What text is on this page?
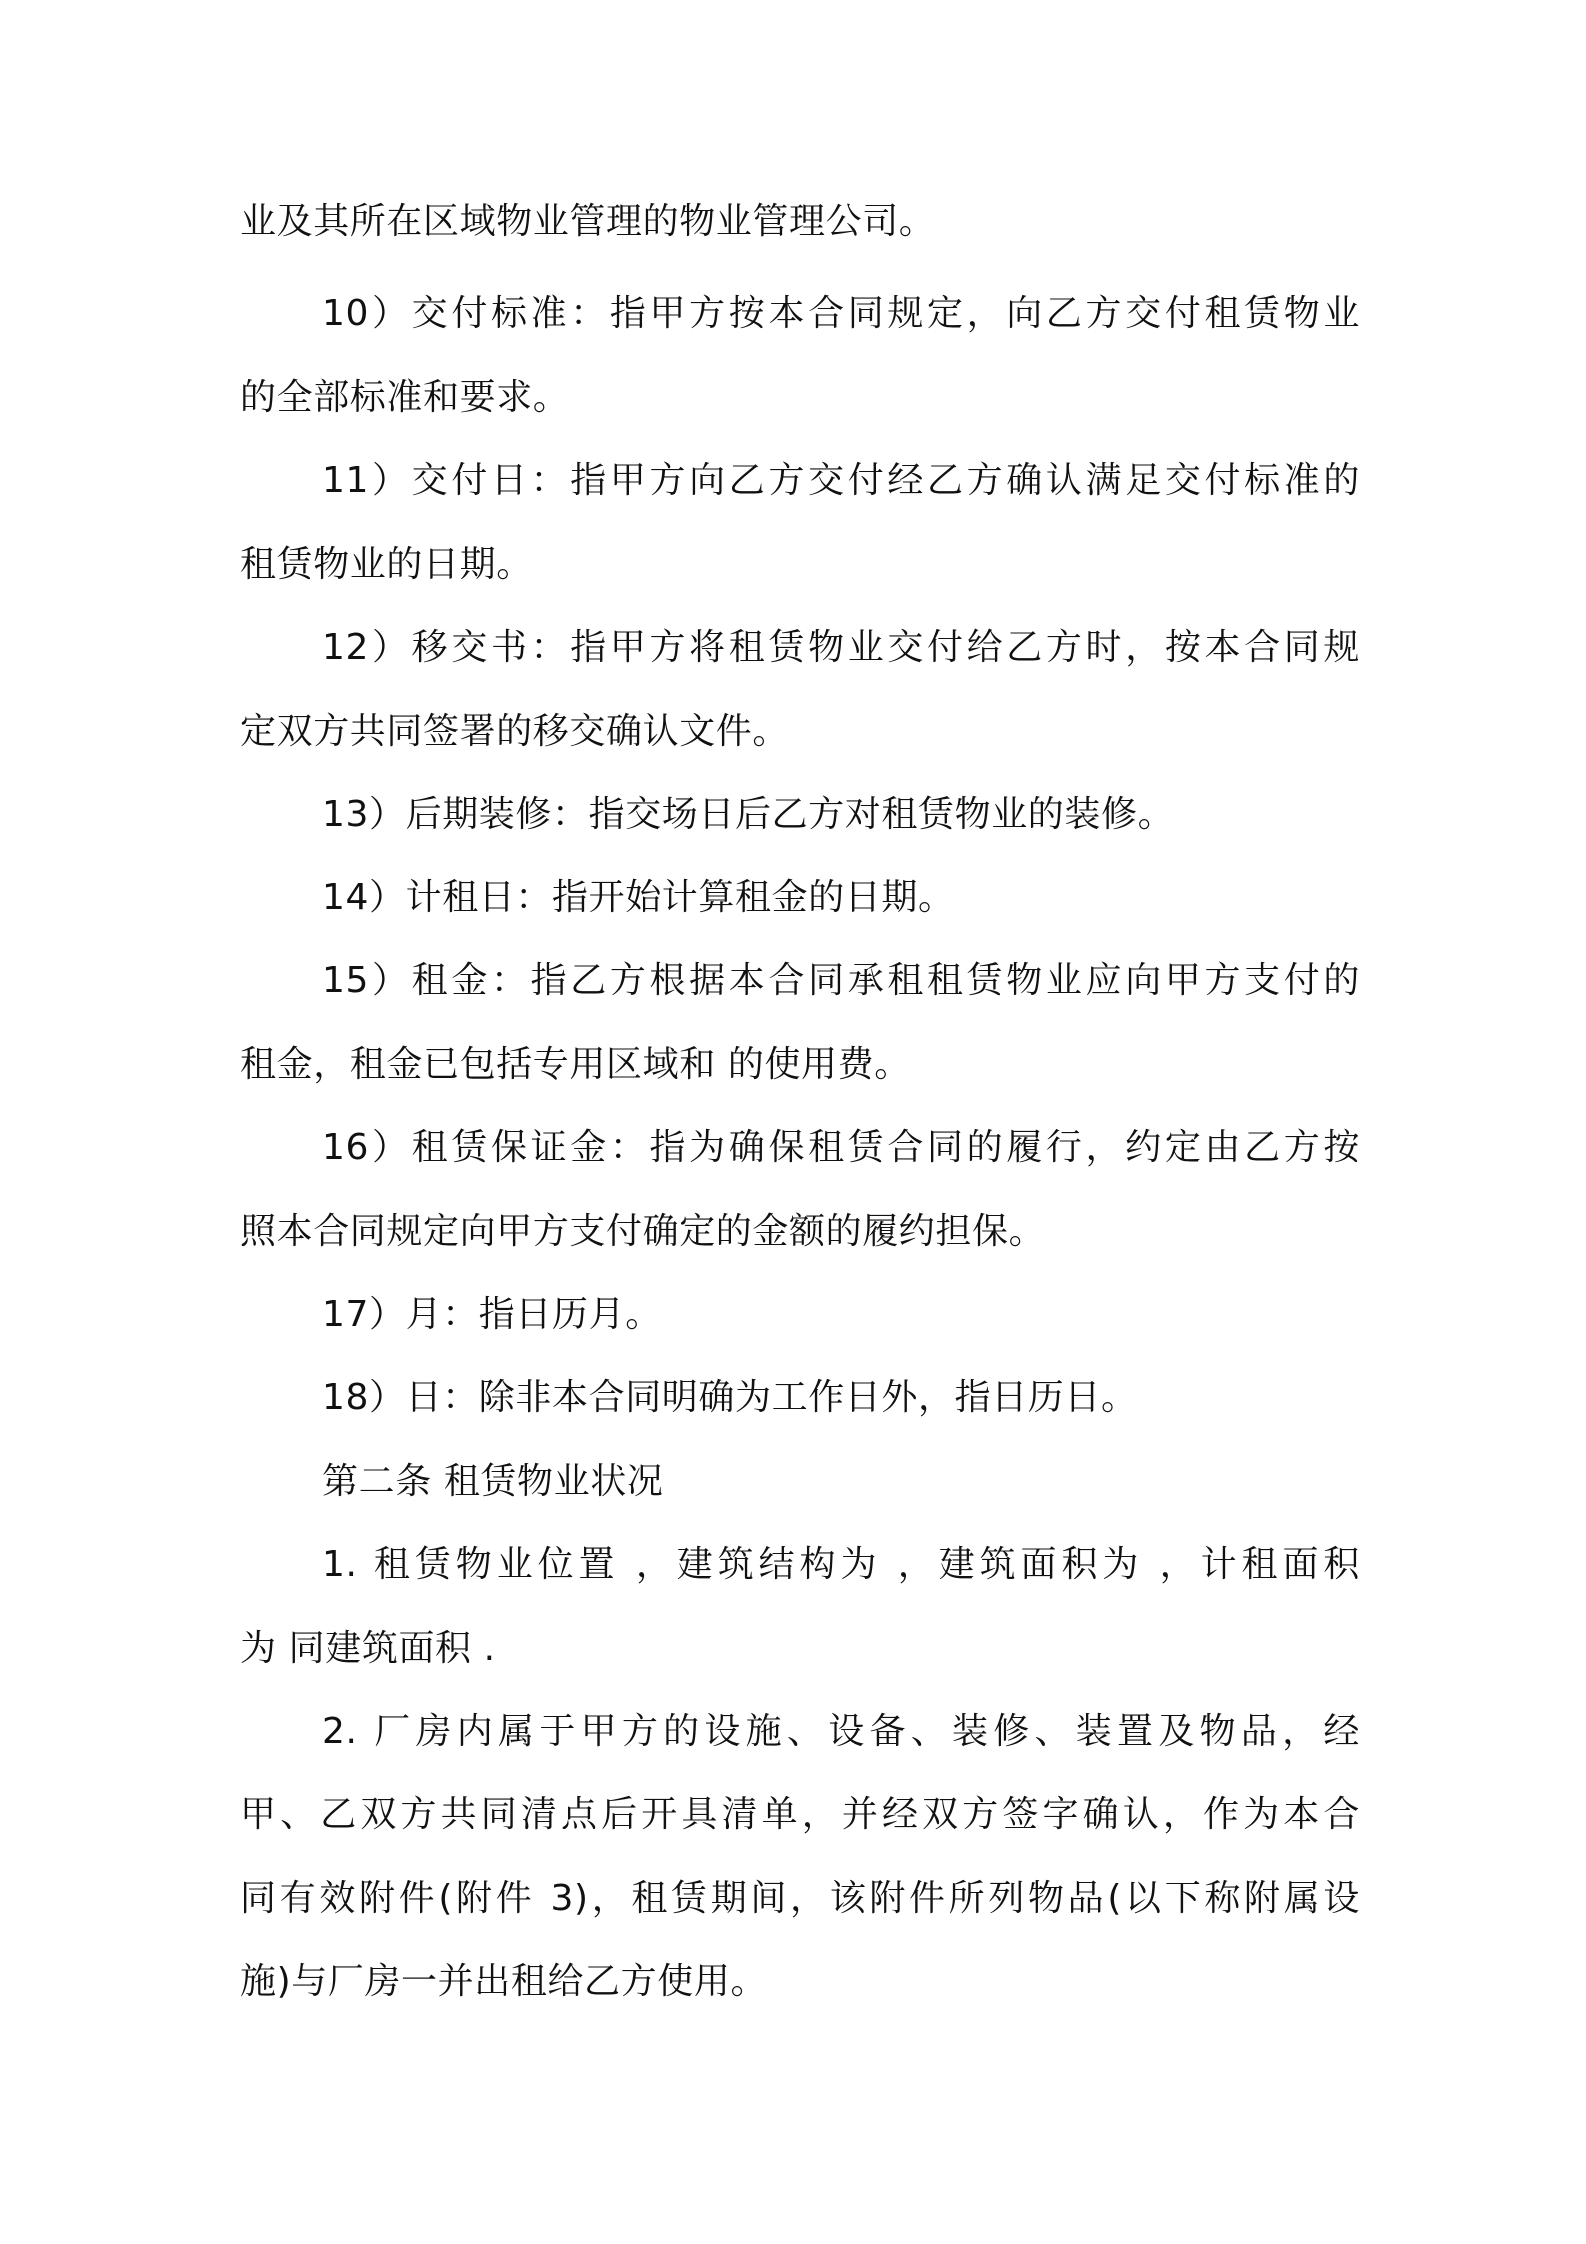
业及其所在区域物业管理的物业管理公司。
10）交付标准：指甲方按本合同规定，向乙方交付租赁物业
的全部标准和要求。
11）交付日：指甲方向乙方交付经乙方确认满足交付标准的
租赁物业的日期。
12）移交书：指甲方将租赁物业交付给乙方时，按本合同规
定双方共同签署的移交确认文件。
13）后期装修：指交场日后乙方对租赁物业的装修。
14）计租日：指开始计算租金的日期。
15）租金：指乙方根据本合同承租租赁物业应向甲方支付的
租金，租金已包括专用区域和 的使用费。
16）租赁保证金：指为确保租赁合同的履行，约定由乙方按
照本合同规定向甲方支付确定的金额的履约担保。
17）月：指日历月。
18）日：除非本合同明确为工作日外，指日历日。
第二条 租赁物业状况
1. 租赁物业位置 ，建筑结构为 ，建筑面积为 ，计租面积
为 同建筑面积 .
2. 厂房内属于甲方的设施、设备、装修、装置及物品，经
甲、乙双方共同清点后开具清单，并经双方签字确认，作为本合
同有效附件(附件 3)，租赁期间，该附件所列物品(以下称附属设
施)与厂房一并出租给乙方使用。
